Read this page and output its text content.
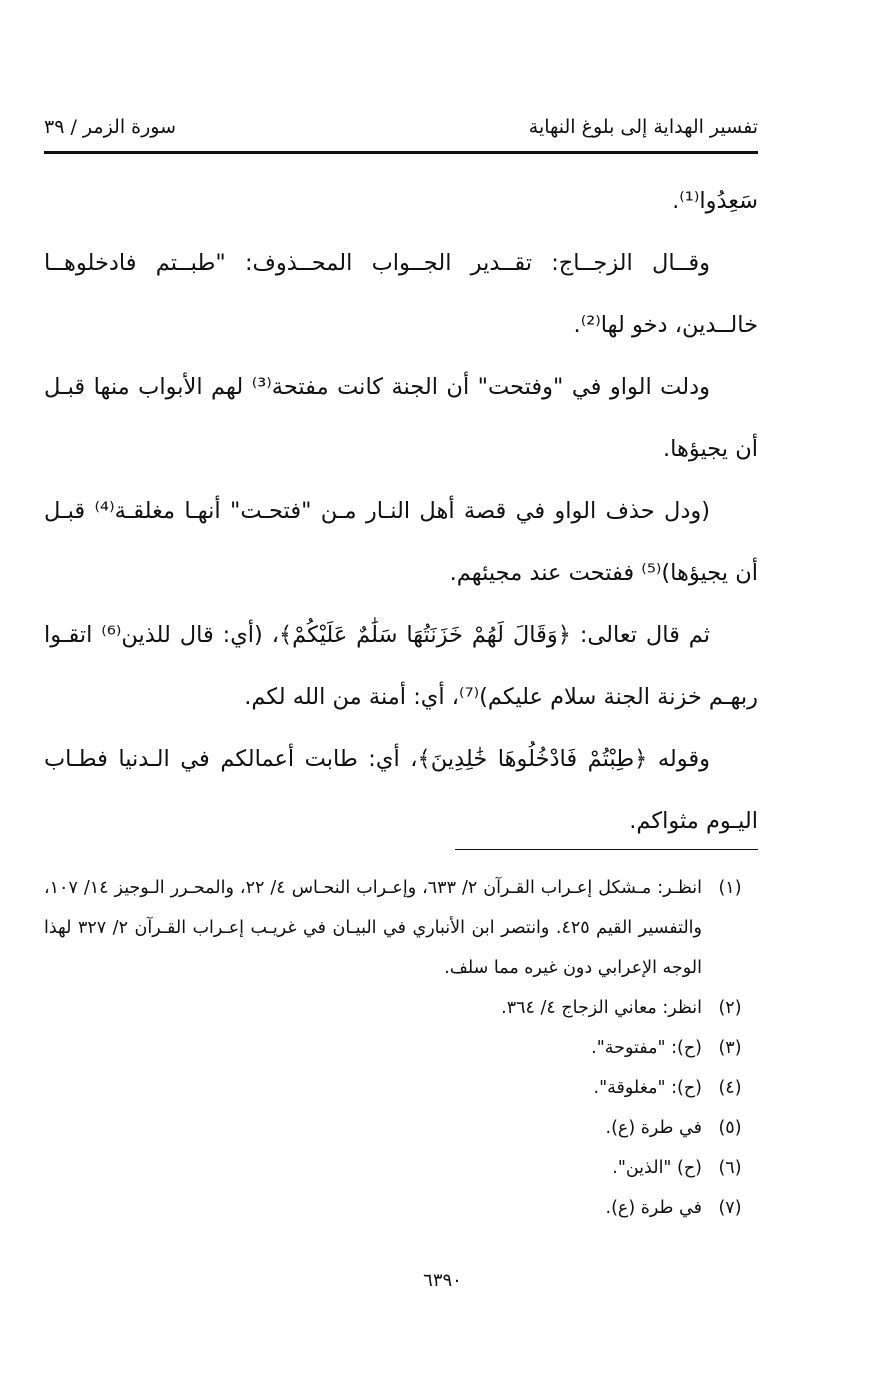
تفسير الهداية إلى بلوغ النهاية
سورة الزمر / ٣٩

سَعِدُوا⁽¹⁾.

وقــال الزجــاج: تقــدير الجــواب المحــذوف: "طبــتم فادخلوهــا خالــدين، دخو لها⁽²⁾.

ودلت الواو في "وفتحت" أن الجنة كانت مفتحة⁽³⁾ لهم الأبواب منها قبـل أن يجيؤها.

(ودل حذف الواو في قصة أهل النـار مـن "فتحـت" أنهـا مغلقـة⁽⁴⁾ قبـل أن يجيؤها)⁽⁵⁾ ففتحت عند مجيئهم.

ثم قال تعالى: ﴿وَقَالَ لَهُمْ خَزَنَتُهَا سَلَٰمٌ عَلَيْكُمْ﴾، (أي: قال للذين⁽⁶⁾ اتقـوا ربهـم خزنة الجنة سلام عليكم)⁽⁷⁾، أي: أمنة من الله لكم.

وقوله ﴿طِبْتُمْ فَادْخُلُوهَا خَٰلِدِينَ﴾، أي: طابت أعمالكم في الـدنيا فطـاب اليـوم مثواكم.

(١)
انظـر: مـشكل إعـراب القـرآن ٢/ ٦٣٣، وإعـراب النحـاس ٤/ ٢٢، والمحـرر الـوجيز ١٤/ ١٠٧، والتفسير القيم ٤٢٥. وانتصر ابن الأنباري في البيـان في غريـب إعـراب القـرآن ٢/ ٣٢٧ لهذا الوجه الإعرابي دون غيره مما سلف.
(٢)
انظر: معاني الزجاج ٤/ ٣٦٤.
(٣)
(ح): "مفتوحة".
(٤)
(ح): "مغلوقة".
(٥)
في طرة (ع).
(٦)
(ح) "الذين".
(٧)
في طرة (ع).
٦٣٩٠
